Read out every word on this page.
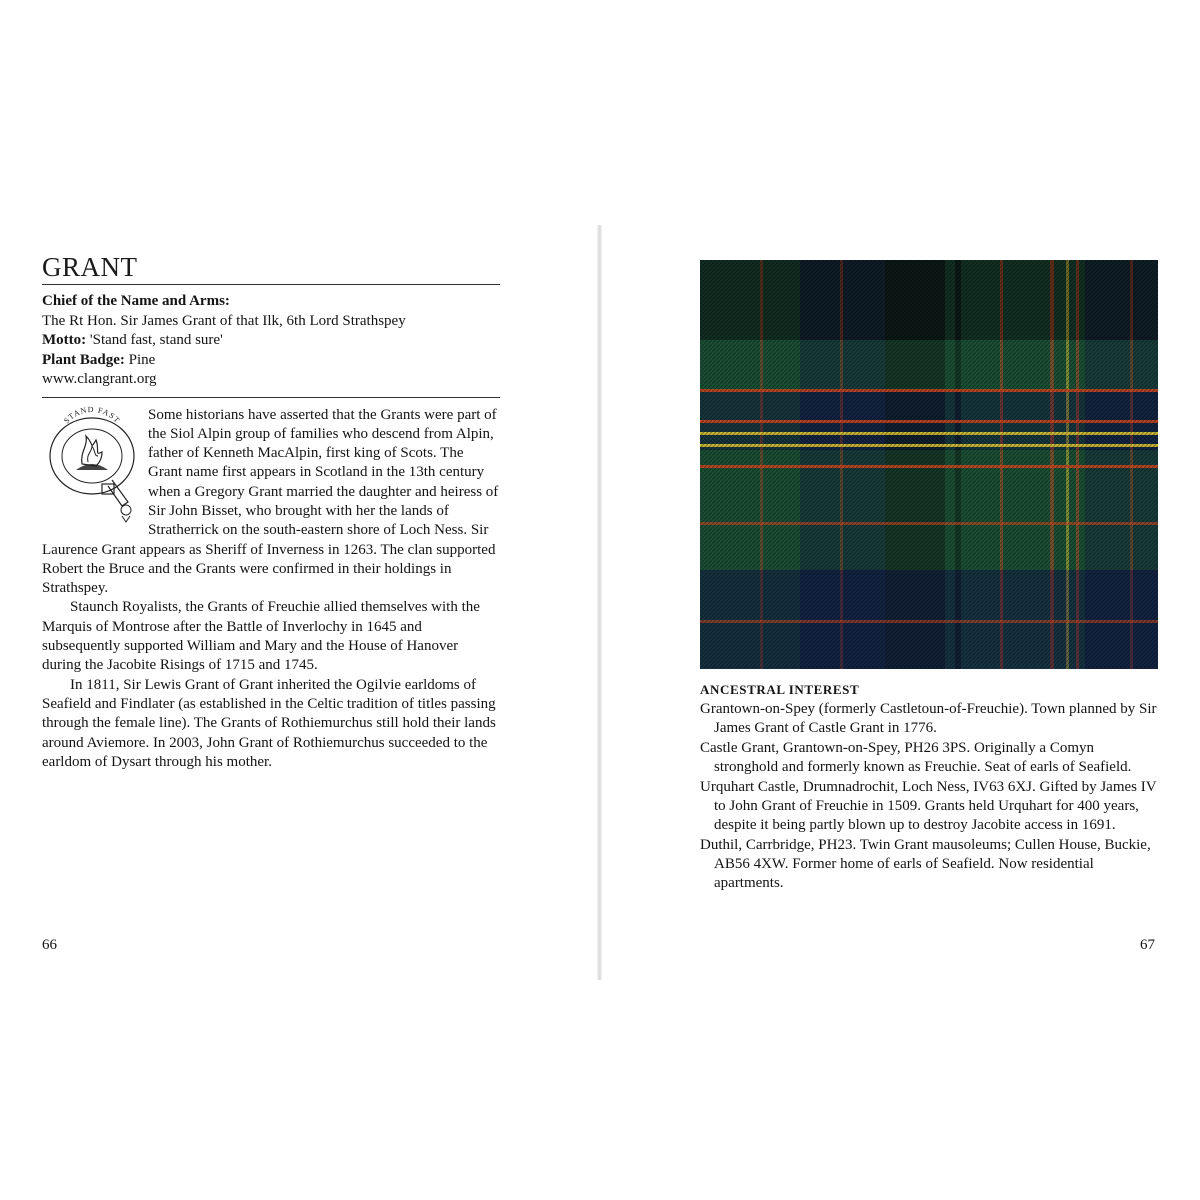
GRANT
Chief of the Name and Arms:
The Rt Hon. Sir James Grant of that Ilk, 6th Lord Strathspey
Motto: 'Stand fast, stand sure'
Plant Badge: Pine
www.clangrant.org
STAND FAST	Some historians have asserted that the Grants were part of the Siol Alpin group of families who descend from Alpin, father of Kenneth MacAlpin, first king of Scots. The Grant name first appears in Scotland in the 13th century when a Gregory Grant married the daughter and heiress of Sir John Bisset, who brought with her the lands of Stratherrick on the south-eastern shore of Loch Ness. Sir Laurence Grant appears as Sheriff of Inverness in 1263. The clan supported Robert the Bruce and the Grants were confirmed in their holdings in Strathspey.

Staunch Royalists, the Grants of Freuchie allied themselves with the Marquis of Montrose after the Battle of Inverlochy in 1645 and subsequently supported William and Mary and the House of Hanover during the Jacobite Risings of 1715 and 1745.

In 1811, Sir Lewis Grant of Grant inherited the Ogilvie earldoms of Seafield and Findlater (as established in the Celtic tradition of titles passing through the female line). The Grants of Rothiemurchus still hold their lands around Aviemore. In 2003, John Grant of Rothiemurchus succeeded to the earldom of Dysart through his mother.

66
ANCESTRAL INTEREST

Grantown-on-Spey (formerly Castletoun-of-Freuchie). Town planned by Sir James Grant of Castle Grant in 1776.

Castle Grant, Grantown-on-Spey, PH26 3PS. Originally a Comyn stronghold and formerly known as Freuchie. Seat of earls of Seafield.

Urquhart Castle, Drumnadrochit, Loch Ness, IV63 6XJ. Gifted by James IV to John Grant of Freuchie in 1509. Grants held Urquhart for 400 years, despite it being partly blown up to destroy Jacobite access in 1691.

Duthil, Carrbridge, PH23. Twin Grant mausoleums; Cullen House, Buckie, AB56 4XW. Former home of earls of Seafield. Now residential apartments.

67
